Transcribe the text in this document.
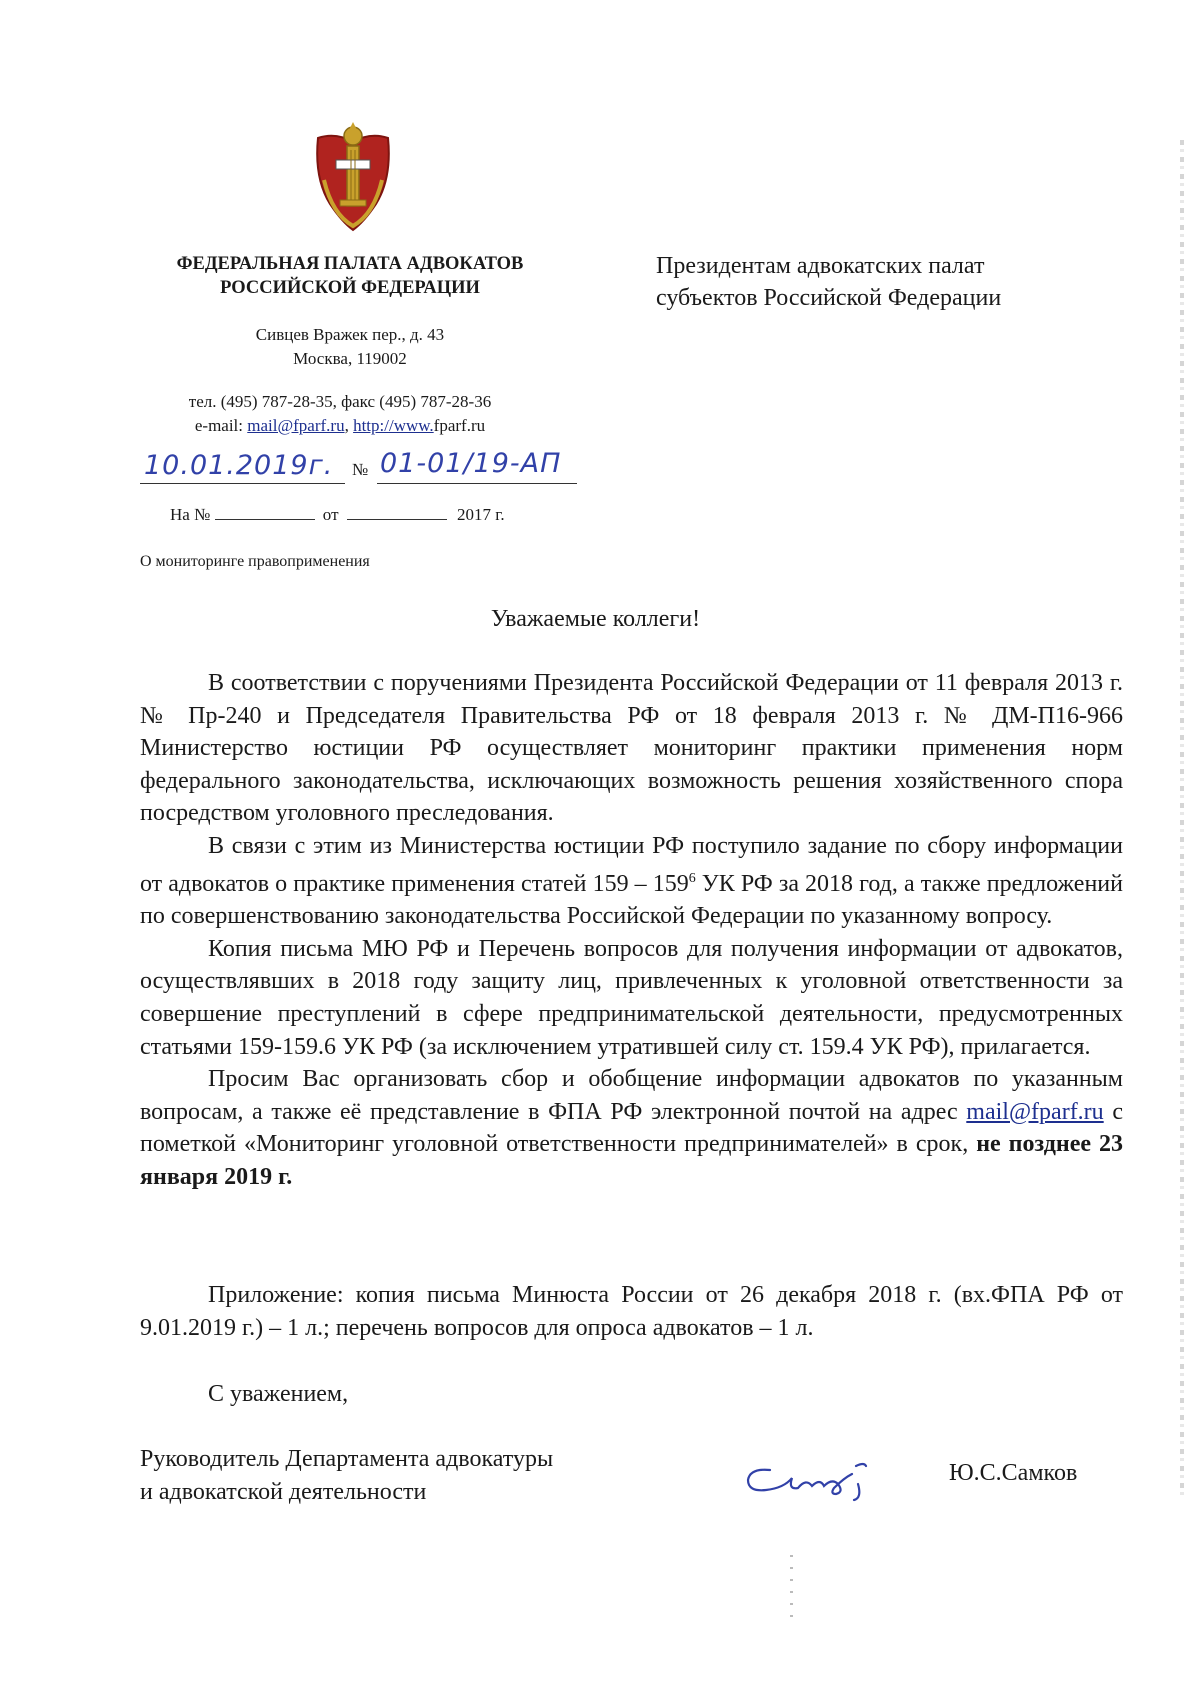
ФЕДЕРАЛЬНАЯ ПАЛАТА АДВОКАТОВ
РОССИЙСКОЙ ФЕДЕРАЦИИ
Сивцев Вражек пер., д. 43
Москва, 119002
тел. (495) 787-28-35, факс (495) 787-28-36
e-mail: mail@fparf.ru, http://www.fparf.ru
10.01.2019г. № 01-01/19-АП
На №	от	2017 г.
О мониторинге правоприменения
Президентам адвокатских палат
субъектов Российской Федерации
Уважаемые коллеги!

В соответствии с поручениями Президента Российской Федерации от 11 февраля 2013 г. № Пр-240 и Председателя Правительства РФ от 18 февраля 2013 г. № ДМ-П16-966 Министерство юстиции РФ осуществляет мониторинг практики применения норм федерального законодательства, исключающих возможность решения хозяйственного спора посредством уголовного преследования.

В связи с этим из Министерства юстиции РФ поступило задание по сбору информации от адвокатов о практике применения статей $159 - 159^6$ УК РФ за 2018 год, а также предложений по совершенствованию законодательства Российской Федерации по указанному вопросу.

Копия письма МЮ РФ и Перечень вопросов для получения информации от адвокатов, осуществлявших в 2018 году защиту лиц, привлеченных к уголовной ответственности за совершение преступлений в сфере предпринимательской деятельности, предусмотренных статьями 159-159.6 УК РФ (за исключением утратившей силу ст. 159.4 УК РФ), прилагается.

Просим Вас организовать сбор и обобщение информации адвокатов по указанным вопросам, а также её представление в ФПА РФ электронной почтой на адрес mail@fparf.ru с пометкой «Мониторинг уголовной ответственности предпринимателей» в срок, не позднее 23 января 2019 г.

Приложение: копия письма Минюста России от 26 декабря 2018 г. (вх.ФПА РФ от 9.01.2019 г.) – 1 л.; перечень вопросов для опроса адвокатов – 1 л.

С уважением,
Руководитель Департамента адвокатуры
и адвокатской деятельности
Ю.С.Самков
